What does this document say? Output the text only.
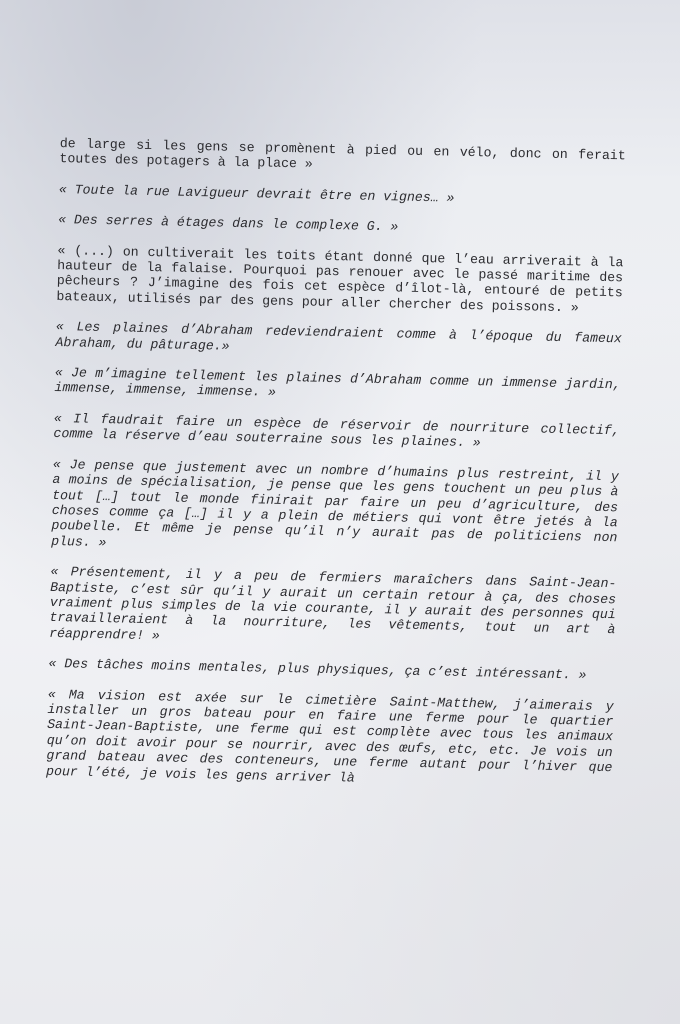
de large si les gens se promènent à pied ou en vélo, donc on ferait toutes des potagers à la place »

« Toute la rue Lavigueur devrait être en vignes… »

« Des serres à étages dans le complexe G. »

« (...) on cultiverait les toits étant donné que l’eau arriverait à la hauteur de la falaise. Pourquoi pas renouer avec le passé maritime des pêcheurs ? J’imagine des fois cet espèce d’îlot-là, entouré de petits bateaux, utilisés par des gens pour aller chercher des poissons. »

« Les plaines d’Abraham redeviendraient comme à l’époque du fameux Abraham, du pâturage.»

« Je m’imagine tellement les plaines d’Abraham comme un immense jardin, immense, immense, immense. »

« Il faudrait faire un espèce de réservoir de nourriture collectif, comme la réserve d’eau souterraine sous les plaines. »

« Je pense que justement avec un nombre d’humains plus restreint, il y a moins de spécialisation, je pense que les gens touchent un peu plus à tout […] tout le monde finirait par faire un peu d’agriculture, des choses comme ça […] il y a plein de métiers qui vont être jetés à la poubelle. Et même je pense qu’il n’y aurait pas de politiciens non plus. »

« Présentement, il y a peu de fermiers maraîchers dans Saint-Jean-Baptiste, c’est sûr qu’il y aurait un certain retour à ça, des choses vraiment plus simples de la vie courante, il y aurait des personnes qui travailleraient à la nourriture, les vêtements, tout un art à réapprendre! »

« Des tâches moins mentales, plus physiques, ça c’est intéressant. »

« Ma vision est axée sur le cimetière Saint-Matthew, j’aimerais y installer un gros bateau pour en faire une ferme pour le quartier Saint-Jean-Baptiste, une ferme qui est complète avec tous les animaux qu’on doit avoir pour se nourrir, avec des œufs, etc, etc. Je vois un grand bateau avec des conteneurs, une ferme autant pour l’hiver que pour l’été, je vois les gens arriver là
